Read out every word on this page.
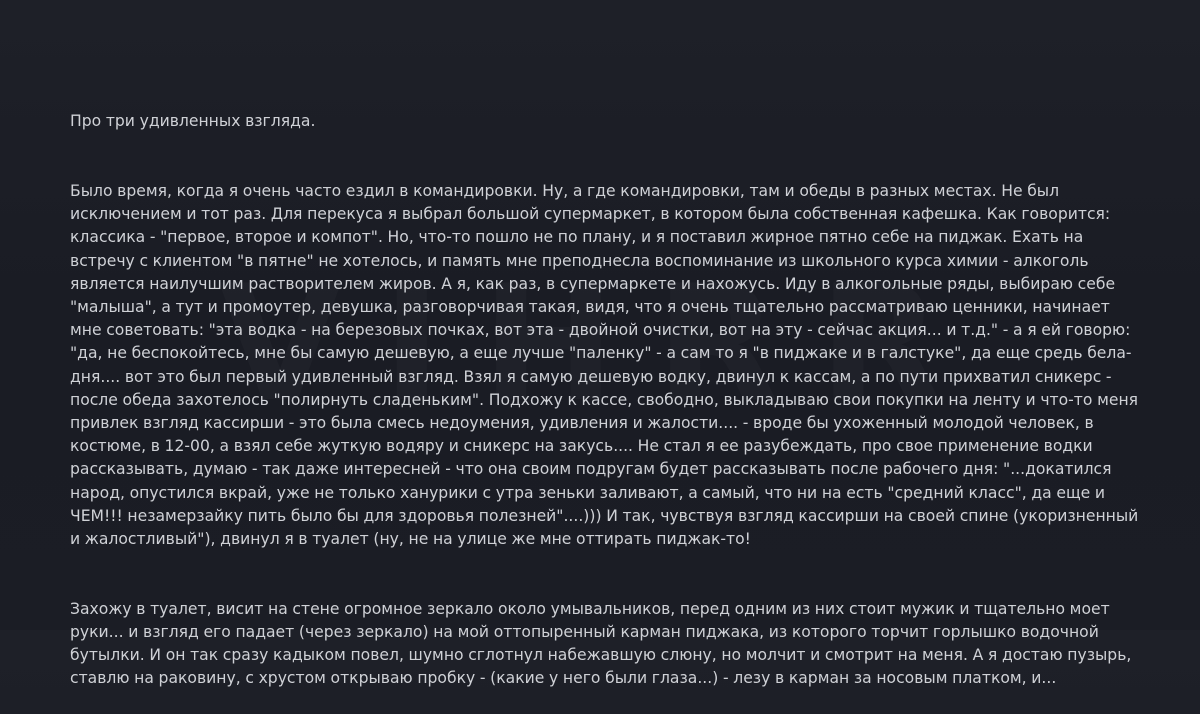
Про три удивленных взгляда.

Было время, когда я очень часто ездил в командировки. Ну, а где командировки, там и обеды в разных местах. Не был исключением и тот раз. Для перекуса я выбрал большой супермаркет, в котором была собственная кафешка. Как говорится: классика - "первое, второе и компот". Но, что-то пошло не по плану, и я поставил жирное пятно себе на пиджак. Ехать на встречу с клиентом "в пятне" не хотелось, и память мне преподнесла воспоминание из школьного курса химии - алкоголь является наилучшим растворителем жиров. А я, как раз, в супермаркете и нахожусь. Иду в алкогольные ряды, выбираю себе "малыша", а тут и промоутер, девушка, разговорчивая такая, видя, что я очень тщательно рассматриваю ценники, начинает мне советовать: "эта водка - на березовых почках, вот эта - двойной очистки, вот на эту - сейчас акция... и т.д." - а я ей говорю: "да, не беспокойтесь, мне бы самую дешевую, а еще лучше "паленку" - а сам то я "в пиджаке и в галстуке", да еще средь бела-дня.... вот это был первый удивленный взгляд. Взял я самую дешевую водку, двинул к кассам, а по пути прихватил сникерс - после обеда захотелось "полирнуть сладеньким". Подхожу к кассе, свободно, выкладываю свои покупки на ленту и что-то меня привлек взгляд кассирши - это была смесь недоумения, удивления и жалости.... - вроде бы ухоженный молодой человек, в костюме, в 12-00, а взял себе жуткую водяру и сникерс на закусь.... Не стал я ее разубеждать, про свое применение водки рассказывать, думаю - так даже интересней - что она своим подругам будет рассказывать после рабочего дня: "...докатился народ, опустился вкрай, уже не только ханурики с утра зеньки заливают, а самый, что ни на есть "средний класс", да еще и ЧЕМ!!! незамерзайку пить было бы для здоровья полезней"....))) И так, чувствуя взгляд кассирши на своей спине (укоризненный и жалостливый"), двинул я в туалет (ну, не на улице же мне оттирать пиджак-то!

Захожу в туалет, висит на стене огромное зеркало около умывальников, перед одним из них стоит мужик и тщательно моет руки... и взгляд его падает (через зеркало) на мой оттопыренный карман пиджака, из которого торчит горлышко водочной бутылки. И он так сразу кадыком повел, шумно сглотнул набежавшую слюну, но молчит и смотрит на меня. А я достаю пузырь, ставлю на раковину, с хрустом открываю пробку - (какие у него были глаза...) - лезу в карман за носовым платком, и...
